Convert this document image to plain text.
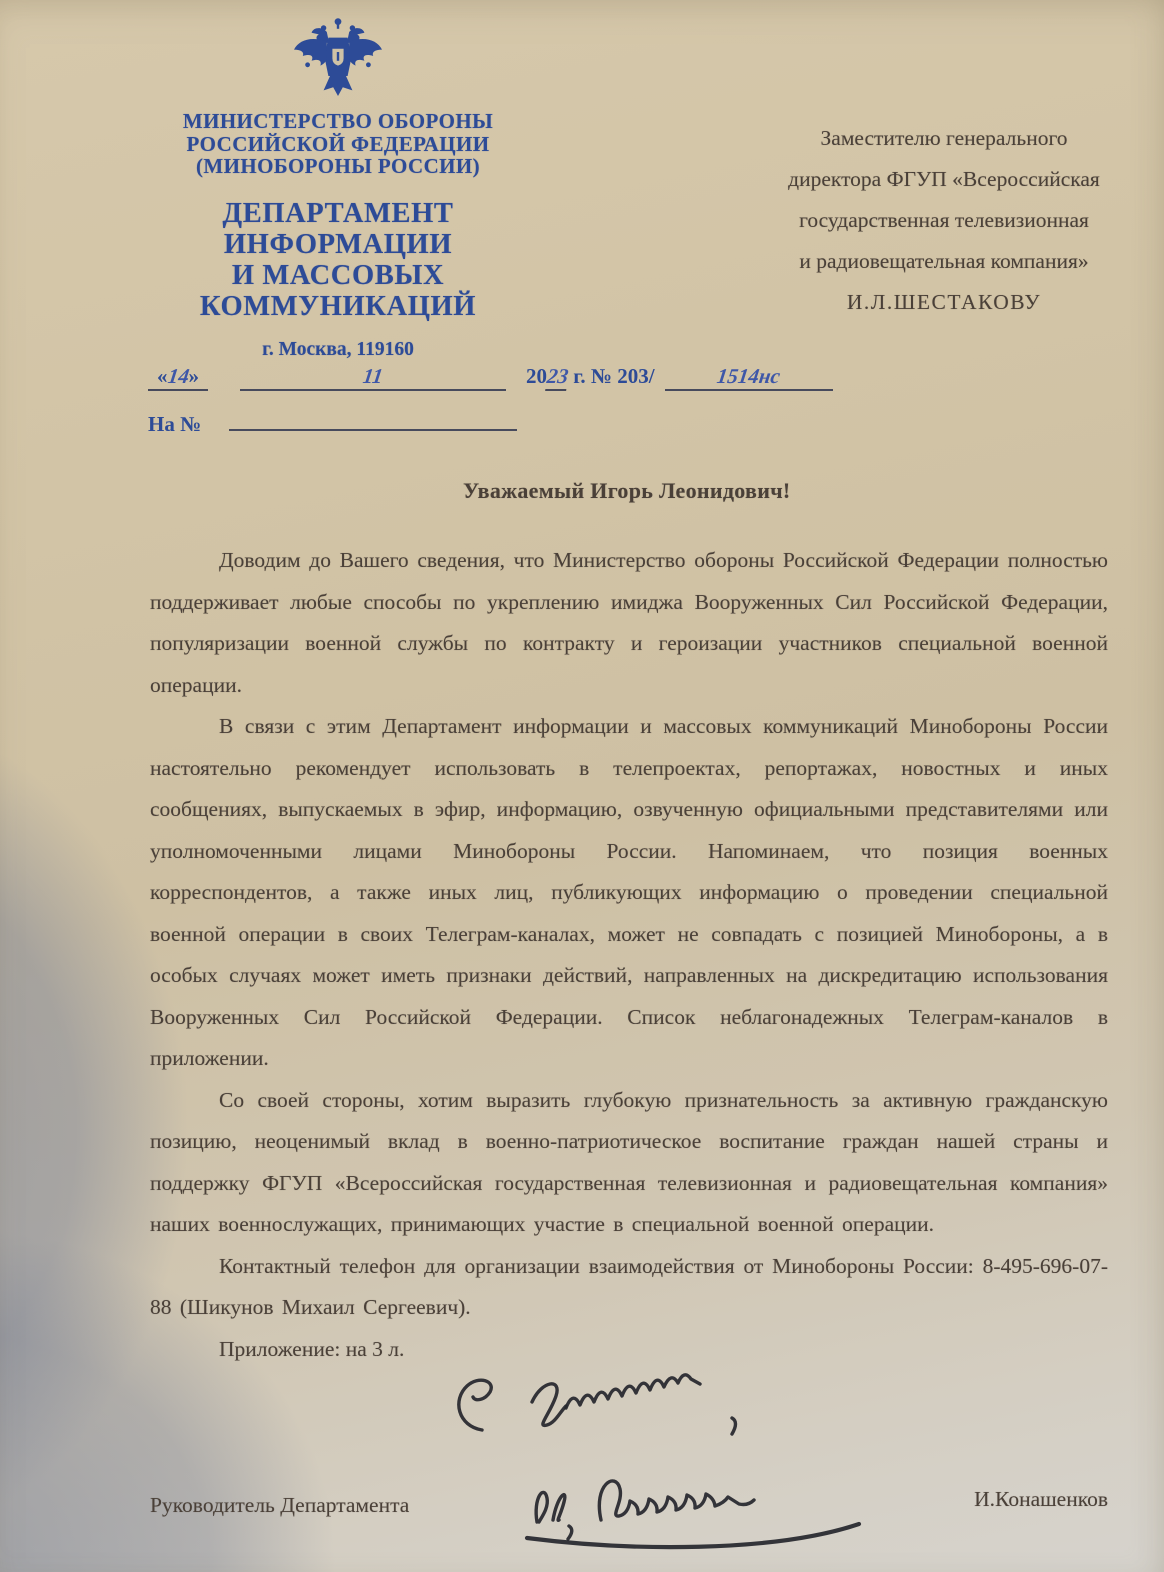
МИНИСТЕРСТВО ОБОРОНЫ
РОССИЙСКОЙ ФЕДЕРАЦИИ
(МИНОБОРОНЫ РОССИИ)
ДЕПАРТАМЕНТ
ИНФОРМАЦИИ
И МАССОВЫХ
КОММУНИКАЦИЙ
г. Москва, 119160
Заместителю генерального
директора ФГУП «Всероссийская
государственная телевизионная
и радиовещательная компания»
И.Л.ШЕСТАКОВУ
«14»	11	2023 г. № 203/	1514нс
На №
Уважаемый Игорь Леонидович!

Доводим до Вашего сведения, что Министерство обороны Российской Федерации полностью поддерживает любые способы по укреплению имиджа Вооруженных Сил Российской Федерации, популяризации военной службы по контракту и героизации участников специальной военной операции.

В связи с этим Департамент информации и массовых коммуникаций Минобороны России настоятельно рекомендует использовать в телепроектах, репортажах, новостных и иных сообщениях, выпускаемых в эфир, информацию, озвученную официальными представителями или уполномоченными лицами Минобороны России. Напоминаем, что позиция военных корреспондентов, а также иных лиц, публикующих информацию о проведении специальной военной операции в своих Телеграм-каналах, может не совпадать с позицией Минобороны, а в особых случаях может иметь признаки действий, направленных на дискредитацию использования Вооруженных Сил Российской Федерации. Список неблагонадежных Телеграм-каналов в приложении.

Со своей стороны, хотим выразить глубокую признательность за активную гражданскую позицию, неоценимый вклад в военно-патриотическое воспитание граждан нашей страны и поддержку ФГУП «Всероссийская государственная телевизионная и радиовещательная компания» наших военнослужащих, принимающих участие в специальной военной операции.

Контактный телефон для организации взаимодействия от Минобороны России: 8-495-696-07-88 (Шикунов Михаил Сергеевич).

Приложение: на 3 л.

Руководитель Департамента	И.Конашенков
